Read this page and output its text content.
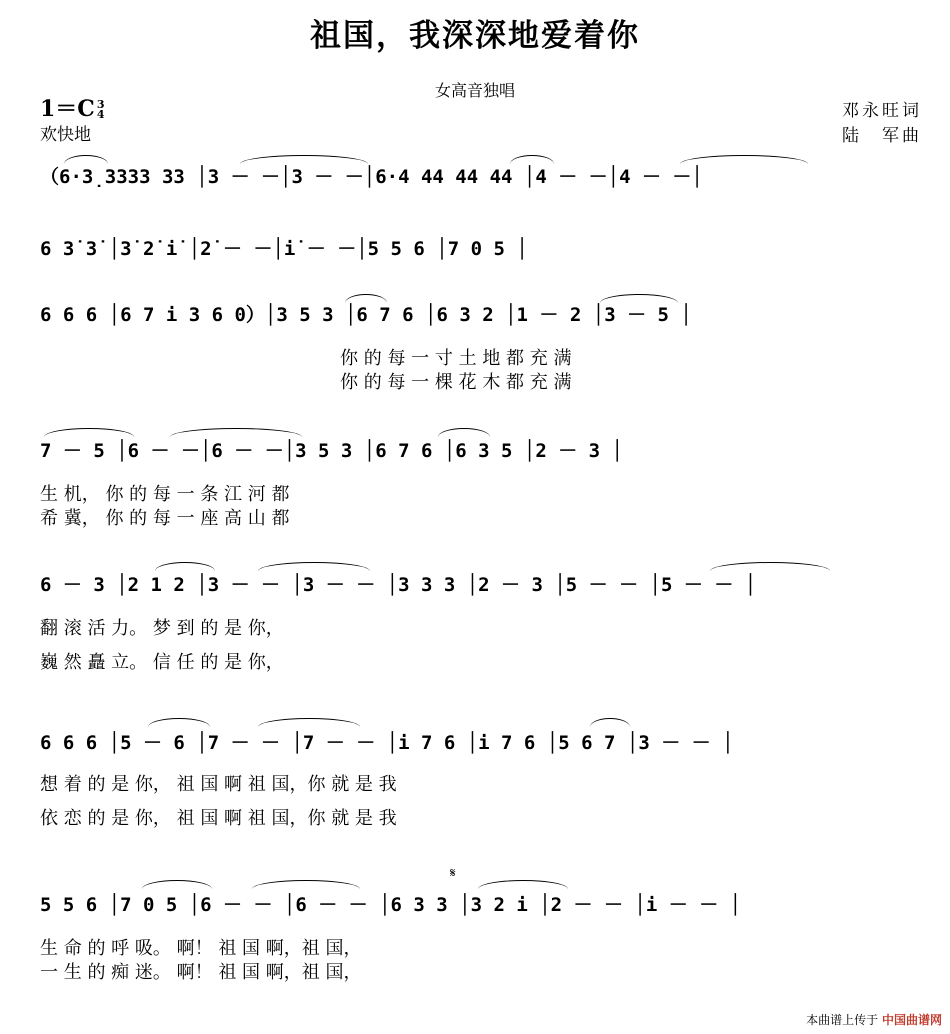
祖国，我深深地爱着你
女高音独唱
1＝C 3
4
欢快地
邓永旺词
陆　军曲
（6·3̣3333 33 │3 － －│3 － －│6·4 44 44 44 │4 － －│4 － －│
6 3̇ 3̇ │3̇ 2̇ i̇ │2̇ － －│i̇ － －│5 5 6 │7 0 5 │
6 6 6 │6 7 i 3 6 0）│3 5 3 │6 7 6 │6 3 2 │1 － 2 │3 － 5 │
你 的 每 一 寸 土 地 都 充 满
你 的 每 一 棵 花 木 都 充 满
7 － 5 │6 － －│6 － －│3 5 3 │6 7 6 │6 3 5 │2 － 3 │
生 机， 你 的 每 一 条 江 河 都
希 冀， 你 的 每 一 座 高 山 都
6 － 3 │2 1 2 │3 － － │3 － － │3 3 3 │2 － 3 │5 － － │5 － － │
翻 滚 活 力。 梦 到 的 是 你，
巍 然 矗 立。 信 任 的 是 你，
6 6 6 │5 － 6 │7 － － │7 － － │i 7 6 │i 7 6 │5 6 7 │3 － － │
想 着 的 是 你， 祖 国 啊 祖 国，你 就 是 我
依 恋 的 是 你， 祖 国 啊 祖 国，你 就 是 我
𝄋
5 5 6 │7 0 5 │6 － － │6 － － │6 3 3 │3 2 i │2 － － │i － － │
生 命 的 呼 吸。 啊！ 祖 国 啊，祖 国，
一 生 的 痴 迷。 啊！ 祖 国 啊，祖 国，
本曲谱上传于 中国曲谱网
